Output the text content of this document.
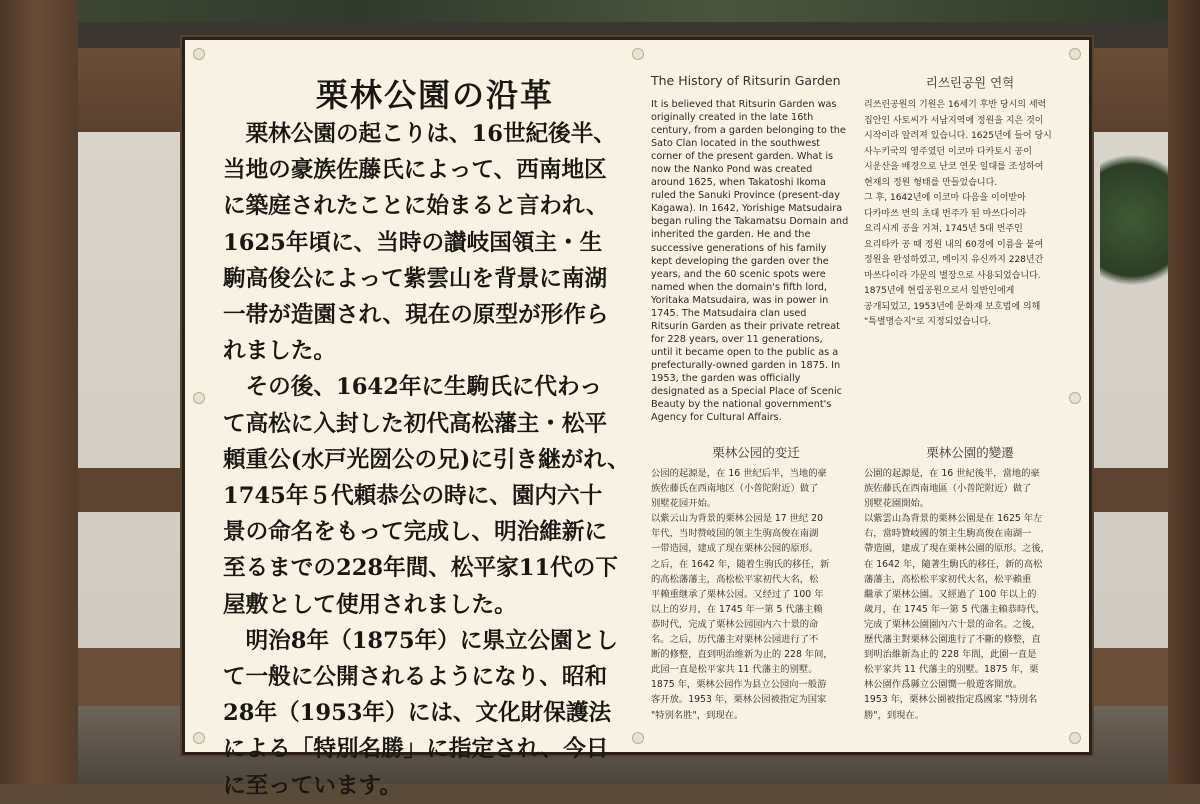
栗林公園の沿革
　栗林公園の起こりは、16世紀後半、
当地の豪族佐藤氏によって、西南地区
に築庭されたことに始まると言われ、
1625年頃に、当時の讃岐国領主・生
駒高俊公によって紫雲山を背景に南湖
一帯が造園され、現在の原型が形作ら
れました。
　その後、1642年に生駒氏に代わっ
て高松に入封した初代高松藩主・松平
頼重公(水戸光圀公の兄)に引き継がれ、
1745年５代頼恭公の時に、園内六十
景の命名をもって完成し、明治維新に
至るまでの228年間、松平家11代の下
屋敷として使用されました。
　明治8年（1875年）に県立公園とし
て一般に公開されるようになり、昭和
28年（1953年）には、文化財保護法
による「特別名勝」に指定され、今日
に至っています。
The History of Ritsurin Garden
It is believed that Ritsurin Garden was
originally created in the late 16th
century, from a garden belonging to the
Sato Clan located in the southwest
corner of the present garden. What is
now the Nanko Pond was created
around 1625, when Takatoshi Ikoma
ruled the Sanuki Province (present-day
Kagawa). In 1642, Yorishige Matsudaira
began ruling the Takamatsu Domain and
inherited the garden. He and the
successive generations of his family
kept developing the garden over the
years, and the 60 scenic spots were
named when the domain's fifth lord,
Yoritaka Matsudaira, was in power in
1745. The Matsudaira clan used
Ritsurin Garden as their private retreat
for 228 years, over 11 generations,
until it became open to the public as a
prefecturally-owned garden in 1875. In
1953, the garden was officially
designated as a Special Place of Scenic
Beauty by the national government's
Agency for Cultural Affairs.
리쓰린공원 연혁
리쓰린공원의 기원은 16세기 후반 당시의 세력
집안인 사토씨가 서남지역에 정원을 지은 것이
시작이라 알려져 있습니다. 1625년에 들어 당시
사누키국의 영주였던 이코마 다카토시 공이
시운산을 배경으로 난코 연못 일대를 조성하여
현재의 정원 형태를 만들었습니다.
그 후, 1642년에 이코마 다음을 이어받아
다카마쓰 번의 초대 번주가 된 마쓰다이라
요리시게 공을 거쳐, 1745년 5대 번주인
요리타카 공 때 정원 내의 60경에 이름을 붙여
정원을 완성하였고, 메이지 유신까지 228년간
마쓰다이라 가문의 별장으로 사용되었습니다.
1875년에 현립공원으로서 일반인에게
공개되었고, 1953년에 문화재 보호법에 의해
"특별명승지"로 지정되었습니다.
栗林公园的变迁
公园的起源是，在 16 世纪后半，当地的豪
族佐藤氏在西南地区（小普陀附近）做了
别墅花园开始。
以紫云山为背景的栗林公园是 17 世纪 20
年代，当时赞岐国的领主生驹高俊在南湖
一带造园，建成了现在栗林公园的原形。
之后，在 1642 年，随着生驹氏的移任，新
的高松藩藩主，高松松平家初代大名，松
平赖重继承了栗林公园。又经过了 100 年
以上的岁月，在 1745 年一第 5 代藩主赖
恭时代，完成了栗林公园园内六十景的命
名。之后，历代藩主对栗林公园进行了不
断的修整，直到明治维新为止的 228 年间，
此园一直是松平家共 11 代藩主的别墅。
1875 年，栗林公园作为县立公园向一般游
客开放。1953 年，栗林公园被指定为国家
"特别名胜"，到现在。
栗林公園的變遷
公園的起源是，在 16 世紀後半，當地的豪
族佐藤氏在西南地區（小普陀附近）做了
別墅花園開始。
以紫雲山為背景的栗林公園是在 1625 年左
右，當時贊岐國的領主生駒高俊在南湖一
帶造園，建成了現在栗林公園的原形。之後，
在 1642 年，隨著生駒氏的移任，新的高松
藩藩主，高松松平家初代大名，松平賴重
繼承了栗林公園。又經過了 100 年以上的
歲月，在 1745 年一第 5 代藩主賴恭時代，
完成了栗林公園園內六十景的命名。之後，
歷代藩主對栗林公園進行了不斷的修整，直
到明治維新為止的 228 年間，此園一直是
松平家共 11 代藩主的別墅。1875 年，栗
林公園作爲縣立公園嚮一般遊客開放。
1953 年，栗林公園被指定爲國家 "特別名
勝"，到現在。
